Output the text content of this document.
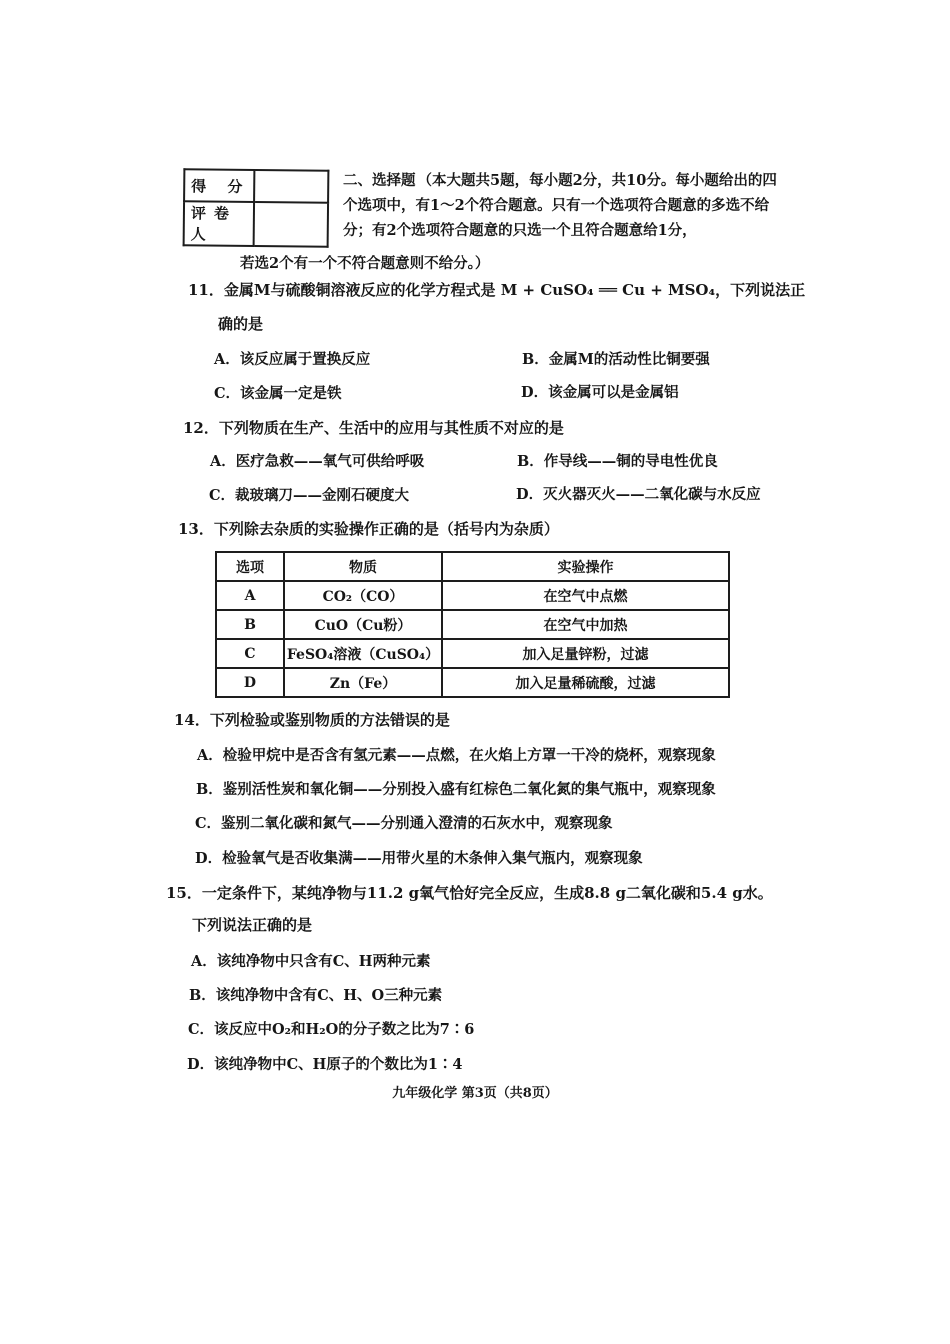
得 分	
评卷人	
二、选择题 （本大题共5题，每小题2分，共10分。每小题给出的四个选项中，有1～2个符合题意。只有一个选项符合题意的多选不给分；有2个选项符合题意的只选一个且符合题意给1分，
若选2个有一个不符合题意则不给分。）
11．金属M与硫酸铜溶液反应的化学方程式是 M + CuSO₄ ══ Cu + MSO₄，下列说法正
确的是
A．该反应属于置换反应	B．金属M的活动性比铜要强
C．该金属一定是铁	D．该金属可以是金属铝
12．下列物质在生产、生活中的应用与其性质不对应的是
A．医疗急救——氧气可供给呼吸	B．作导线——铜的导电性优良
C．裁玻璃刀——金刚石硬度大	D．灭火器灭火——二氧化碳与水反应
13．下列除去杂质的实验操作正确的是（括号内为杂质）
选项	物质	实验操作
A	CO₂（CO）	在空气中点燃
B	CuO（Cu粉）	在空气中加热
C	FeSO₄溶液（CuSO₄）	加入足量锌粉，过滤
D	Zn（Fe）	加入足量稀硫酸，过滤
14．下列检验或鉴别物质的方法错误的是
A．检验甲烷中是否含有氢元素——点燃，在火焰上方罩一干冷的烧杯，观察现象
B．鉴别活性炭和氧化铜——分别投入盛有红棕色二氧化氮的集气瓶中，观察现象
C．鉴别二氧化碳和氮气——分别通入澄清的石灰水中，观察现象
D．检验氧气是否收集满——用带火星的木条伸入集气瓶内，观察现象
15．一定条件下，某纯净物与11.2 g氧气恰好完全反应，生成8.8 g二氧化碳和5.4 g水。
下列说法正确的是
A．该纯净物中只含有C、H两种元素
B．该纯净物中含有C、H、O三种元素
C．该反应中O₂和H₂O的分子数之比为7∶6
D．该纯净物中C、H原子的个数比为1∶4
九年级化学 第3页（共8页）
